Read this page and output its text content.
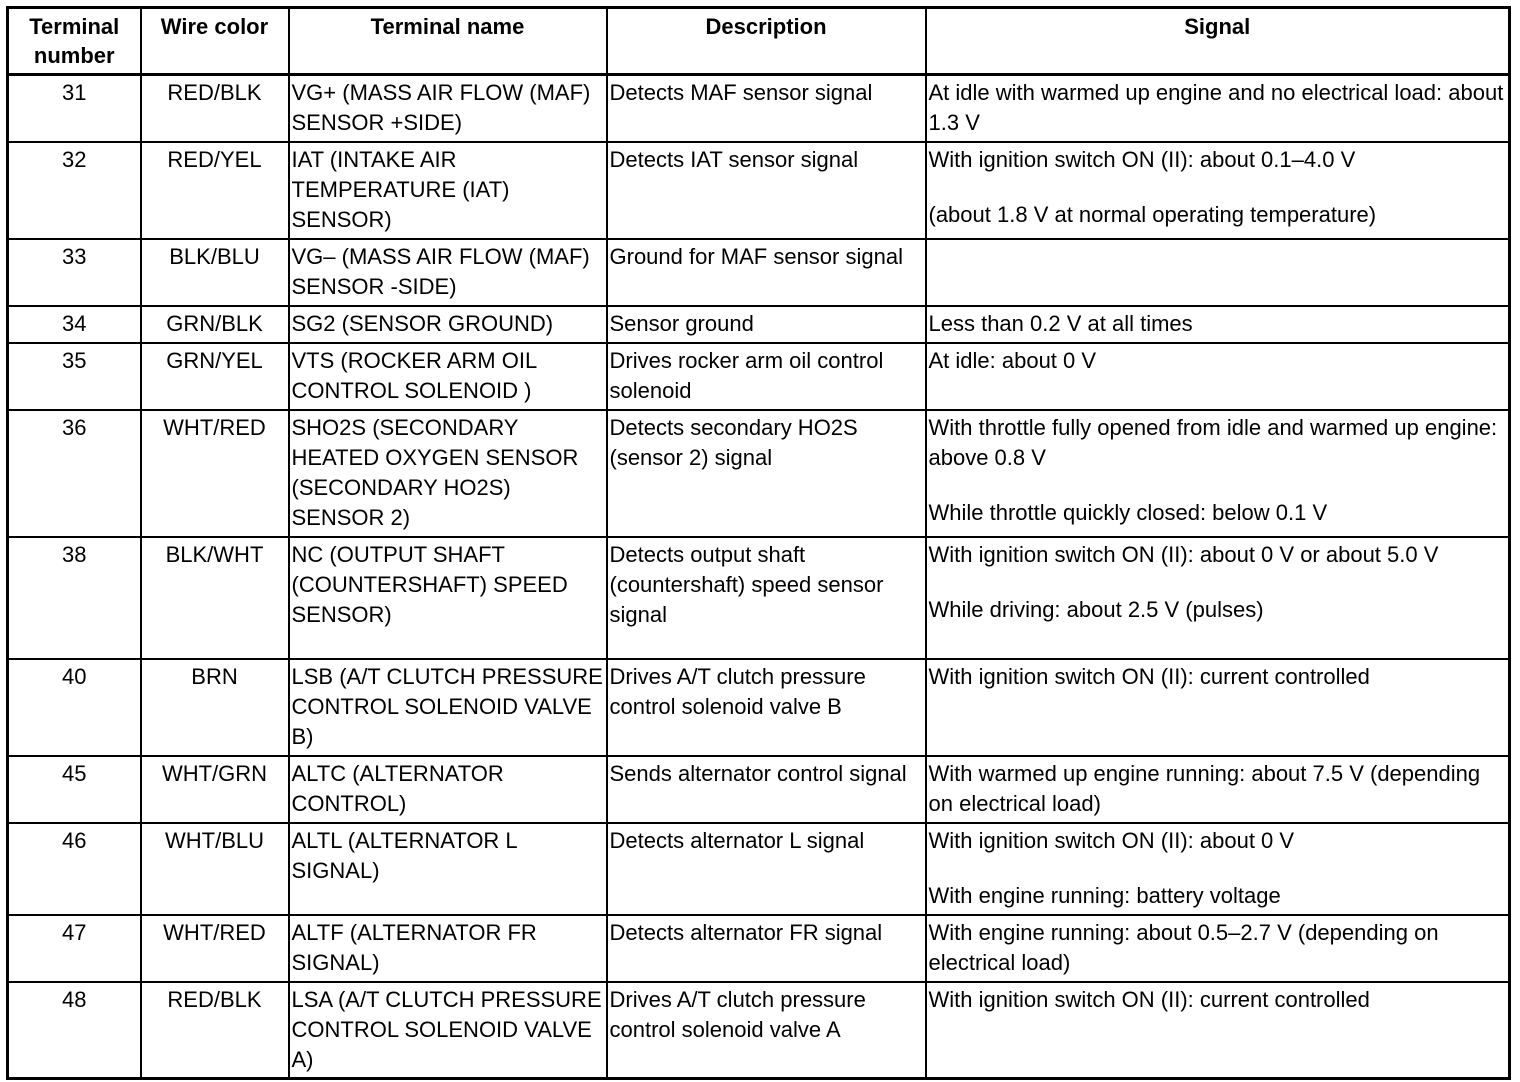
Terminal number	Wire color	Terminal name	Description	Signal
31	RED/BLK	VG+ (MASS AIR FLOW (MAF) SENSOR +SIDE)	Detects MAF sensor signal	At idle with warmed up engine and no electrical load: about 1.3 V

32	RED/YEL	IAT (INTAKE AIR TEMPERATURE (IAT) SENSOR)	Detects IAT sensor signal	With ignition switch ON (II): about 0.1–4.0 V
(about 1.8 V at normal operating temperature)

33	BLK/BLU	VG– (MASS AIR FLOW (MAF) SENSOR -SIDE)	Ground for MAF sensor signal	
34	GRN/BLK	SG2 (SENSOR GROUND)	Sensor ground	Less than 0.2 V at all times

35	GRN/YEL	VTS (ROCKER ARM OIL CONTROL SOLENOID )	Drives rocker arm oil control solenoid	At idle: about 0 V

36	WHT/RED	SHO2S (SECONDARY HEATED OXYGEN SENSOR (SECONDARY HO2S) SENSOR 2)	Detects secondary HO2S (sensor 2) signal	With throttle fully opened from idle and warmed up engine: above 0.8 V
While throttle quickly closed: below 0.1 V

38	BLK/WHT	NC (OUTPUT SHAFT (COUNTERSHAFT) SPEED SENSOR)	Detects output shaft (countershaft) speed sensor signal	With ignition switch ON (II): about 0 V or about 5.0 V
While driving: about 2.5 V (pulses)

40	BRN	LSB (A/T CLUTCH PRESSURE CONTROL SOLENOID VALVE B)	Drives A/T clutch pressure control solenoid valve B	With ignition switch ON (II): current controlled

45	WHT/GRN	ALTC (ALTERNATOR CONTROL)	Sends alternator control signal	With warmed up engine running: about 7.5 V (depending on electrical load)

46	WHT/BLU	ALTL (ALTERNATOR L SIGNAL)	Detects alternator L signal	With ignition switch ON (II): about 0 V
With engine running: battery voltage

47	WHT/RED	ALTF (ALTERNATOR FR SIGNAL)	Detects alternator FR signal	With engine running: about 0.5–2.7 V (depending on electrical load)

48	RED/BLK	LSA (A/T CLUTCH PRESSURE CONTROL SOLENOID VALVE A)	Drives A/T clutch pressure control solenoid valve A	With ignition switch ON (II): current controlled
